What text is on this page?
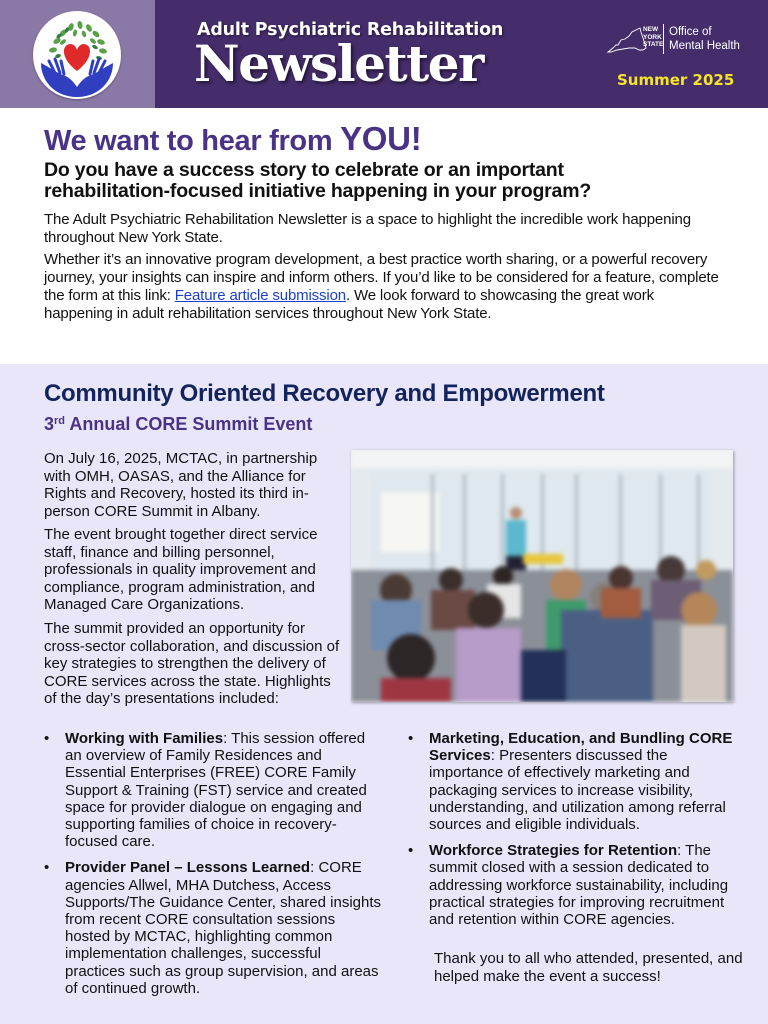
Adult Psychiatric Rehabilitation
Newsletter
NEW
YORK
STATE
Office of
Mental Health
Summer 2025
We want to hear from YOU!
Do you have a success story to celebrate or an important rehabilitation-focused initiative happening in your program?

The Adult Psychiatric Rehabilitation Newsletter is a space to highlight the incredible work happening throughout New York State.

Whether it’s an innovative program development, a best practice worth sharing, or a powerful recovery journey, your insights can inspire and inform others. If you’d like to be considered for a feature, complete the form at this link: Feature article submission. We look forward to showcasing the great work happening in adult rehabilitation services throughout New York State.

Community Oriented Recovery and Empowerment
3rd Annual CORE Summit Event

On July 16, 2025, MCTAC, in partnership with OMH, OASAS, and the Alliance for Rights and Recovery, hosted its third in-person CORE Summit in Albany.

The event brought together direct service staff, finance and billing personnel, professionals in quality improvement and compliance, program administration, and Managed Care Organizations.

The summit provided an opportunity for cross-sector collaboration, and discussion of key strategies to strengthen the delivery of CORE services across the state. Highlights of the day’s presentations included:

• Working with Families: This session offered an overview of Family Residences and Essential Enterprises (FREE) CORE Family Support & Training (FST) service and created space for provider dialogue on engaging and supporting families of choice in recovery-focused care.
• Provider Panel – Lessons Learned: CORE agencies Allwel, MHA Dutchess, Access Supports/The Guidance Center, shared insights from recent CORE consultation sessions hosted by MCTAC, highlighting common implementation challenges, successful practices such as group supervision, and areas of continued growth.
• Marketing, Education, and Bundling CORE Services: Presenters discussed the importance of effectively marketing and packaging services to increase visibility, understanding, and utilization among referral sources and eligible individuals.
• Workforce Strategies for Retention: The summit closed with a session dedicated to addressing workforce sustainability, including practical strategies for improving recruitment and retention within CORE agencies.

Thank you to all who attended, presented, and helped make the event a success!
